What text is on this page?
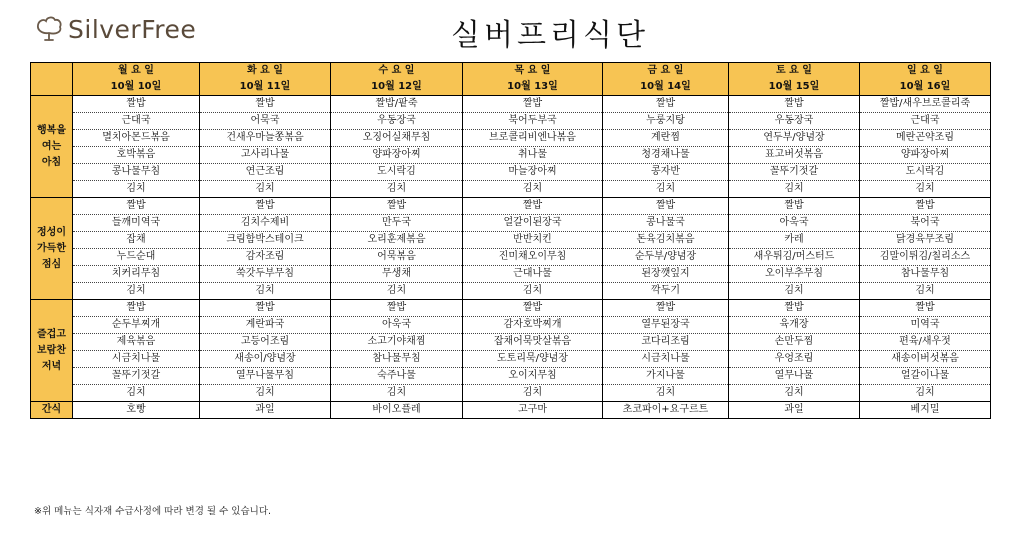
SilverFree	실버프리식단
	월 요 일	화 요 일	수 요 일	목 요 일	금 요 일	토 요 일	일 요 일
	10월 10일	10월 11일	10월 12일	10월 13일	10월 14일	10월 15일	10월 16일

행복을
여는
아침	짤밥	짤밥	짤밥/팥죽	짤밥	짤밥	짤밥	짤밥/새우브로콜리죽
	근대국	어묵국	우동장국	북어두부국	누룽지탕	우동장국	근대국
	멸치아몬드볶음	건새우마늘쫑볶음	오징어실채무침	브로콜리비엔나볶음	계란찜	연두부/양념장	메란곤약조림
	호박볶음	고사리나물	양파장아찌	취나물	청경채나물	표고버섯볶음	양파장아찌
	콩나물무침	연근조림	도시락김	마늘장아찌	콩자반	꼴뚜기젓갈	도시락김
	김치	김치	김치	김치	김치	김치	김치

정성이
가득한
점심	짤밥	짤밥	짤밥	짤밥	짤밥	짤밥	짤밥
	들깨미역국	김치수제비	만두국	얼갈이된장국	콩나물국	아욱국	북어국
	잡채	크림함박스테이크	오리훈제볶음	반반치킨	돈육김치볶음	카레	닭경육무조림
	누드순대	감자조림	어묵볶음	진미채오이무침	순두부/양념장	새우튀김/머스터드	김말이튀김/칠리소스
	치커리무침	쑥갓두부무침	무생채	근대나물	된장깻잎지	오이부추무침	참나물무침
	김치	김치	김치	김치	깍두기	김치	김치

즐겁고
보람찬
저녁	짤밥	짤밥	짤밥	짤밥	짤밥	짤밥	짤밥
	순두부찌개	계란파국	아욱국	감자호박찌개	열무된장국	육개장	미역국
	제육볶음	고등어조림	소고기야채찜	잡채어묵맛살볶음	코다리조림	손만두찜	편육/새우젓
	시금치나물	새송이/양념장	참나물무침	도토리묵/양념장	시금치나물	우엉조림	새송이버섯볶음
	꼴뚜기젓갈	열무나물무침	숙주나물	오이지무침	가지나물	열무나물	얼갈이나물
	김치	김치	김치	김치	김치	김치	김치
간식	호빵	과일	바이오플레	고구마	초코파이+요구르트	과일	베지밀
※위 메뉴는 식자재 수급사정에 따라 변경 될 수 있습니다.
